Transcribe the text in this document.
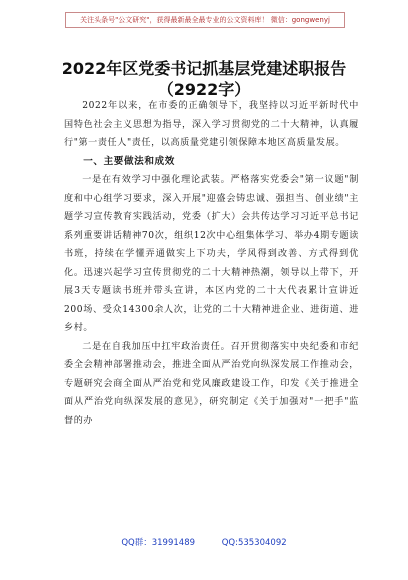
关注头条号"公文研究"，获得最新最全最专业的公文资料库！ 微信：gongwenyj
2022年区党委书记抓基层党建述职报告
（2922字）

2022年以来，在市委的正确领导下，我坚持以习近平新时代中国特色社会主义思想为指导，深入学习贯彻党的二十大精神，认真履行"第一责任人"责任，以高质量党建引领保障本地区高质量发展。

一、主要做法和成效

一是在有效学习中强化理论武装。严格落实党委会"第一议题"制度和中心组学习要求，深入开展"迎盛会铸忠诚、强担当、创业绩"主题学习宣传教育实践活动，党委（扩大）会共传达学习习近平总书记系列重要讲话精神70次，组织12次中心组集体学习、举办4期专题读书班，持续在学懂弄通做实上下功夫，学风得到改善、方式得到优化。迅速兴起学习宣传贯彻党的二十大精神热潮，领导以上带下，开展3天专题读书班并带头宣讲，本区内党的二十大代表累计宣讲近200场、受众14300余人次，让党的二十大精神进企业、进街道、进乡村。

二是在自我加压中扛牢政治责任。召开贯彻落实中央纪委和市纪委全会精神部署推动会，推进全面从严治党向纵深发展工作推动会，专题研究会商全面从严治党和党风廉政建设工作，印发《关于推进全面从严治党向纵深发展的意见》，研究制定《关于加强对"一把手"监督的办

QQ群：31991489	QQ:535304092
